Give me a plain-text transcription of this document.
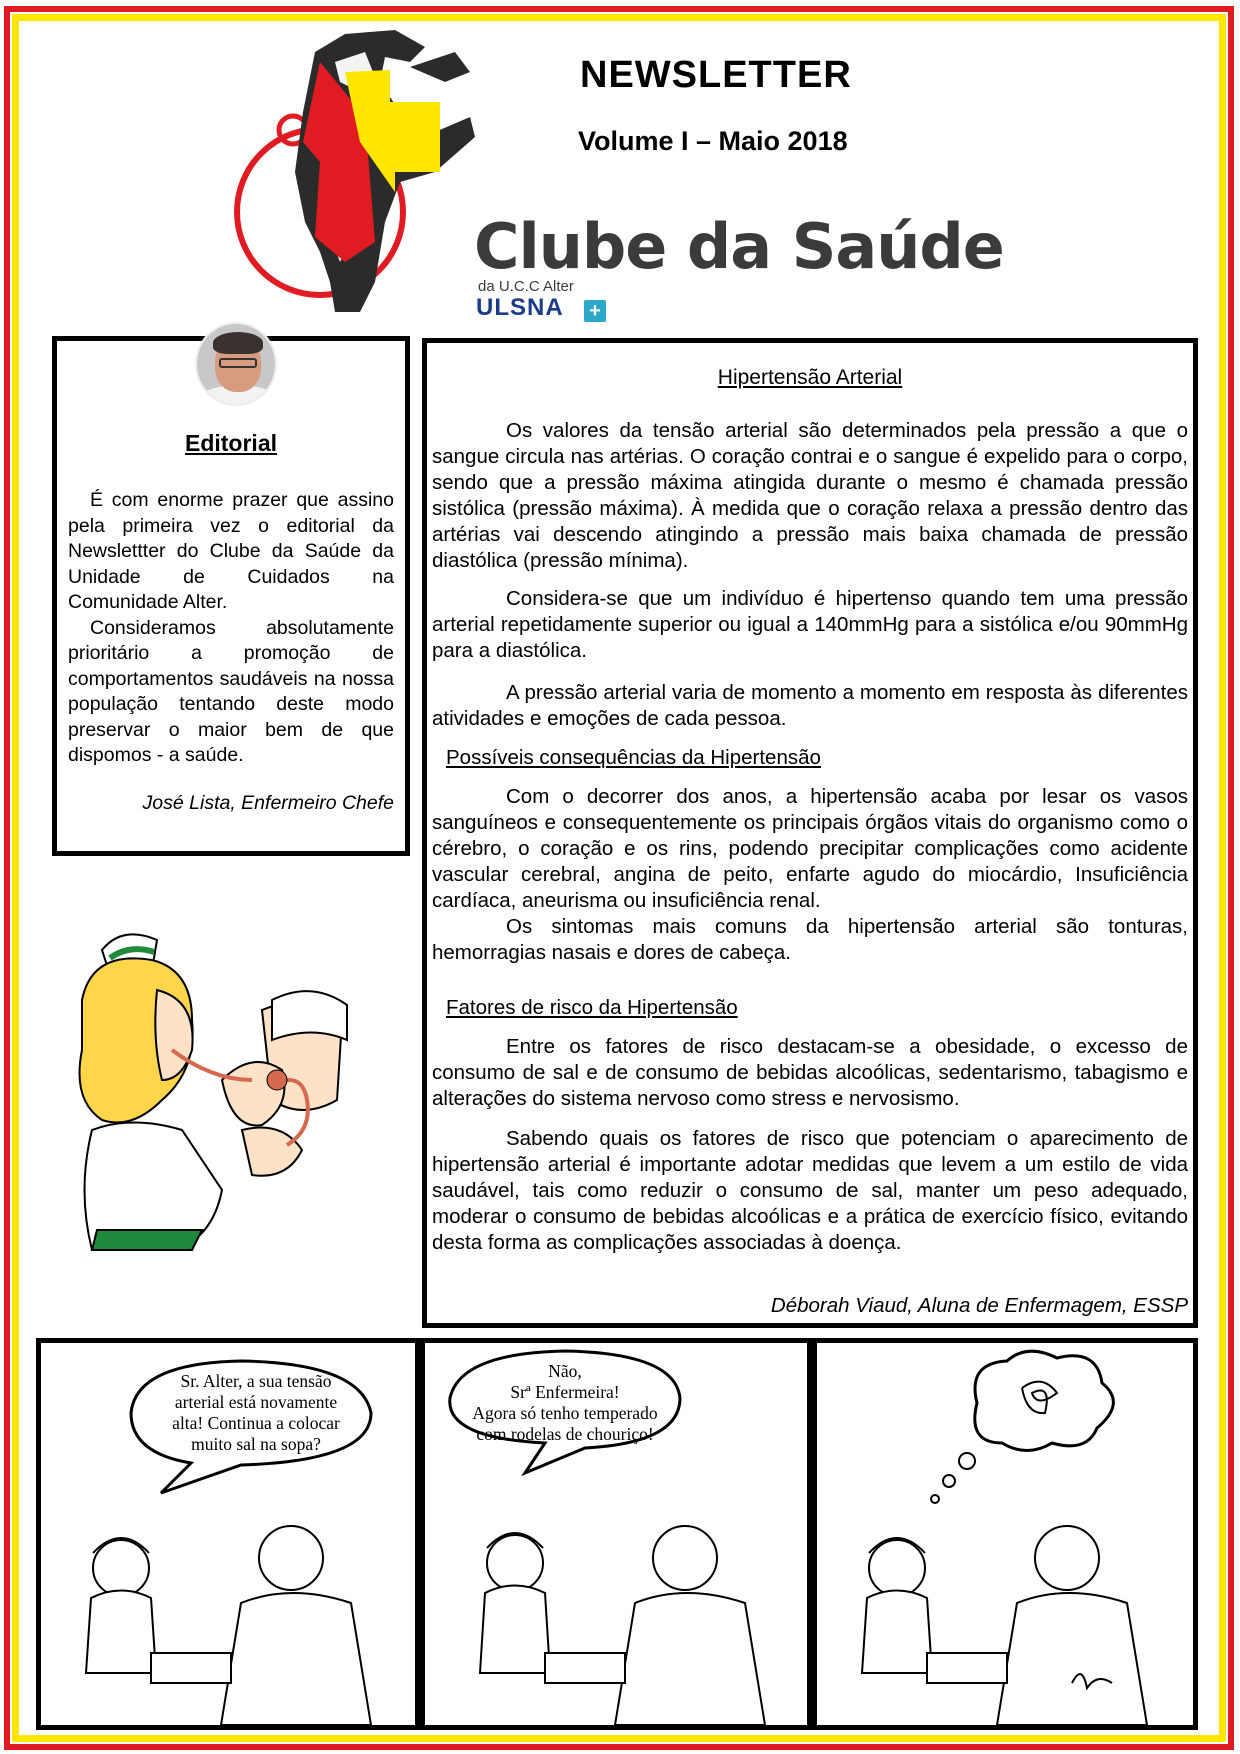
NEWSLETTER
Volume I – Maio 2018
Clube da Saúde
da U.C.C Alter
ULSNA +
Editorial

É com enorme prazer que assino pela primeira vez o editorial da Newslettter do Clube da Saúde da Unidade de Cuidados na Comunidade Alter.

Consideramos absolutamente prioritário a promoção de comportamentos saudáveis na nossa população tentando deste modo preservar o maior bem de que dispomos - a saúde.

José Lista, Enfermeiro Chefe
Hipertensão Arterial
Os valores da tensão arterial são determinados pela pressão a que o sangue circula nas artérias. O coração contrai e o sangue é expelido para o corpo, sendo que a pressão máxima atingida durante o mesmo é chamada pressão sistólica (pressão máxima). À medida que o coração relaxa a pressão dentro das artérias vai descendo atingindo a pressão mais baixa chamada de pressão diastólica (pressão mínima).
Considera-se que um indivíduo é hipertenso quando tem uma pressão arterial repetidamente superior ou igual a 140mmHg para a sistólica e/ou 90mmHg para a diastólica.
A pressão arterial varia de momento a momento em resposta às diferentes atividades e emoções de cada pessoa.
Possíveis consequências da Hipertensão
Com o decorrer dos anos, a hipertensão acaba por lesar os vasos sanguíneos e consequentemente os principais órgãos vitais do organismo como o cérebro, o coração e os rins, podendo precipitar complicações como acidente vascular cerebral, angina de peito, enfarte agudo do miocárdio, Insuficiência cardíaca, aneurisma ou insuficiência renal.
Os sintomas mais comuns da hipertensão arterial são tonturas, hemorragias nasais e dores de cabeça.
Fatores de risco da Hipertensão
Entre os fatores de risco destacam-se a obesidade, o excesso de consumo de sal e de consumo de bebidas alcoólicas, sedentarismo, tabagismo e alterações do sistema nervoso como stress e nervosismo.
Sabendo quais os fatores de risco que potenciam o aparecimento de hipertensão arterial é importante adotar medidas que levem a um estilo de vida saudável, tais como reduzir o consumo de sal, manter um peso adequado, moderar o consumo de bebidas alcoólicas e a prática de exercício físico, evitando desta forma as complicações associadas à doença.
Déborah Viaud, Aluna de Enfermagem, ESSP
Sr. Alter, a sua tensão
arterial está novamente
alta! Continua a colocar
muito sal na sopa?
Não,
Srª Enfermeira!
Agora só tenho temperado
com rodelas de chouriço!
